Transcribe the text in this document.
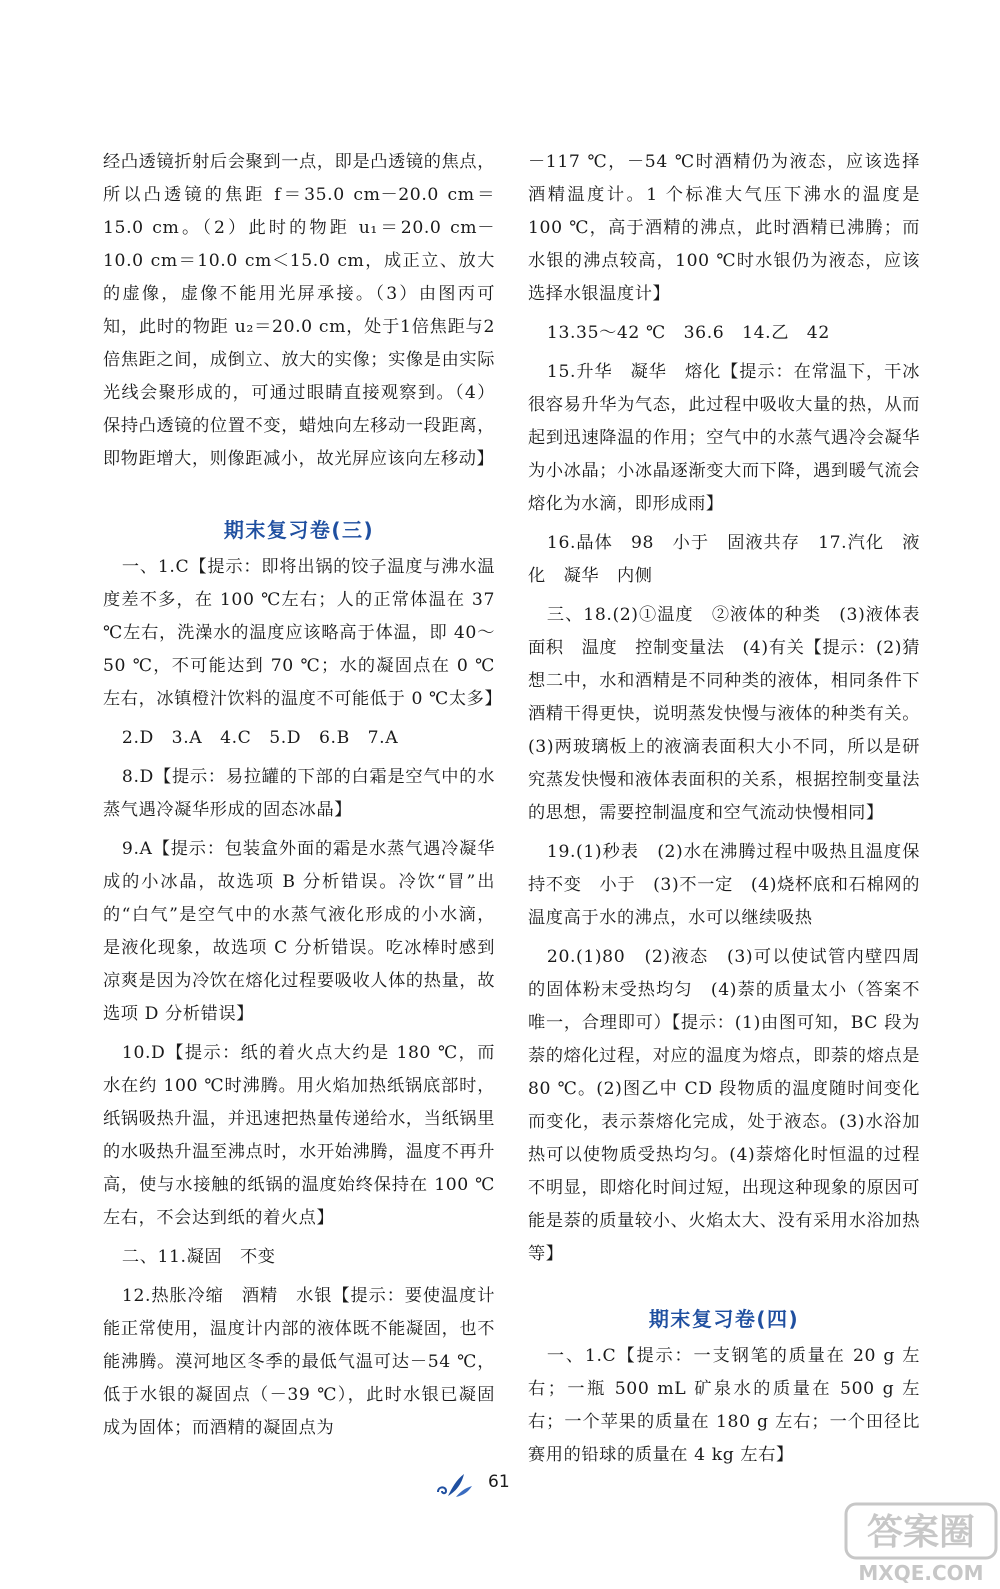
经凸透镜折射后会聚到一点，即是凸透镜的焦点，所以凸透镜的焦距 f＝35.0 cm－20.0 cm＝15.0 cm。（2）此时的物距 u₁＝20.0 cm－10.0 cm＝10.0 cm＜15.0 cm，成正立、放大的虚像，虚像不能用光屏承接。（3）由图丙可知，此时的物距 u₂＝20.0 cm，处于1倍焦距与2倍焦距之间，成倒立、放大的实像；实像是由实际光线会聚形成的，可通过眼睛直接观察到。（4）保持凸透镜的位置不变，蜡烛向左移动一段距离，即物距增大，则像距减小，故光屏应该向左移动】

期末复习卷(三)

一、1.C【提示：即将出锅的饺子温度与沸水温度差不多，在 100 ℃左右；人的正常体温在 37 ℃左右，洗澡水的温度应该略高于体温，即 40～50 ℃，不可能达到 70 ℃；水的凝固点在 0 ℃左右，冰镇橙汁饮料的温度不可能低于 0 ℃太多】

2.D　3.A　4.C　5.D　6.B　7.A

8.D【提示：易拉罐的下部的白霜是空气中的水蒸气遇冷凝华形成的固态冰晶】

9.A【提示：包装盒外面的霜是水蒸气遇冷凝华成的小冰晶，故选项 B 分析错误。冷饮“冒”出的“白气”是空气中的水蒸气液化形成的小水滴，是液化现象，故选项 C 分析错误。吃冰棒时感到凉爽是因为冷饮在熔化过程要吸收人体的热量，故选项 D 分析错误】

10.D【提示：纸的着火点大约是 180 ℃，而水在约 100 ℃时沸腾。用火焰加热纸锅底部时，纸锅吸热升温，并迅速把热量传递给水，当纸锅里的水吸热升温至沸点时，水开始沸腾，温度不再升高，使与水接触的纸锅的温度始终保持在 100 ℃左右，不会达到纸的着火点】

二、11.凝固　不变

12.热胀冷缩　酒精　水银【提示：要使温度计能正常使用，温度计内部的液体既不能凝固，也不能沸腾。漠河地区冬季的最低气温可达－54 ℃，低于水银的凝固点（－39 ℃），此时水银已凝固成为固体；而酒精的凝固点为

－117 ℃，－54 ℃时酒精仍为液态，应该选择酒精温度计。1 个标准大气压下沸水的温度是 100 ℃，高于酒精的沸点，此时酒精已沸腾；而水银的沸点较高，100 ℃时水银仍为液态，应该选择水银温度计】

13.35～42 ℃　36.6　14.乙　42

15.升华　凝华　熔化【提示：在常温下，干冰很容易升华为气态，此过程中吸收大量的热，从而起到迅速降温的作用；空气中的水蒸气遇冷会凝华为小冰晶；小冰晶逐渐变大而下降，遇到暖气流会熔化为水滴，即形成雨】

16.晶体　98　小于　固液共存　17.汽化　液化　凝华　内侧

三、18.(2)①温度　②液体的种类　(3)液体表面积　温度　控制变量法　(4)有关【提示：(2)猜想二中，水和酒精是不同种类的液体，相同条件下酒精干得更快，说明蒸发快慢与液体的种类有关。(3)两玻璃板上的液滴表面积大小不同，所以是研究蒸发快慢和液体表面积的关系，根据控制变量法的思想，需要控制温度和空气流动快慢相同】

19.(1)秒表　(2)水在沸腾过程中吸热且温度保持不变　小于　(3)不一定　(4)烧杯底和石棉网的温度高于水的沸点，水可以继续吸热

20.(1)80　(2)液态　(3)可以使试管内壁四周的固体粉末受热均匀　(4)萘的质量太小（答案不唯一，合理即可）【提示：(1)由图可知，BC 段为萘的熔化过程，对应的温度为熔点，即萘的熔点是 80 ℃。(2)图乙中 CD 段物质的温度随时间变化而变化，表示萘熔化完成，处于液态。(3)水浴加热可以使物质受热均匀。(4)萘熔化时恒温的过程不明显，即熔化时间过短，出现这种现象的原因可能是萘的质量较小、火焰太大、没有采用水浴加热等】

期末复习卷(四)

一、1.C【提示：一支钢笔的质量在 20 g 左右；一瓶 500 mL 矿泉水的质量在 500 g 左右；一个苹果的质量在 180 g 左右；一个田径比赛用的铅球的质量在 4 kg 左右】

61
答案圈
MXQE.COM
